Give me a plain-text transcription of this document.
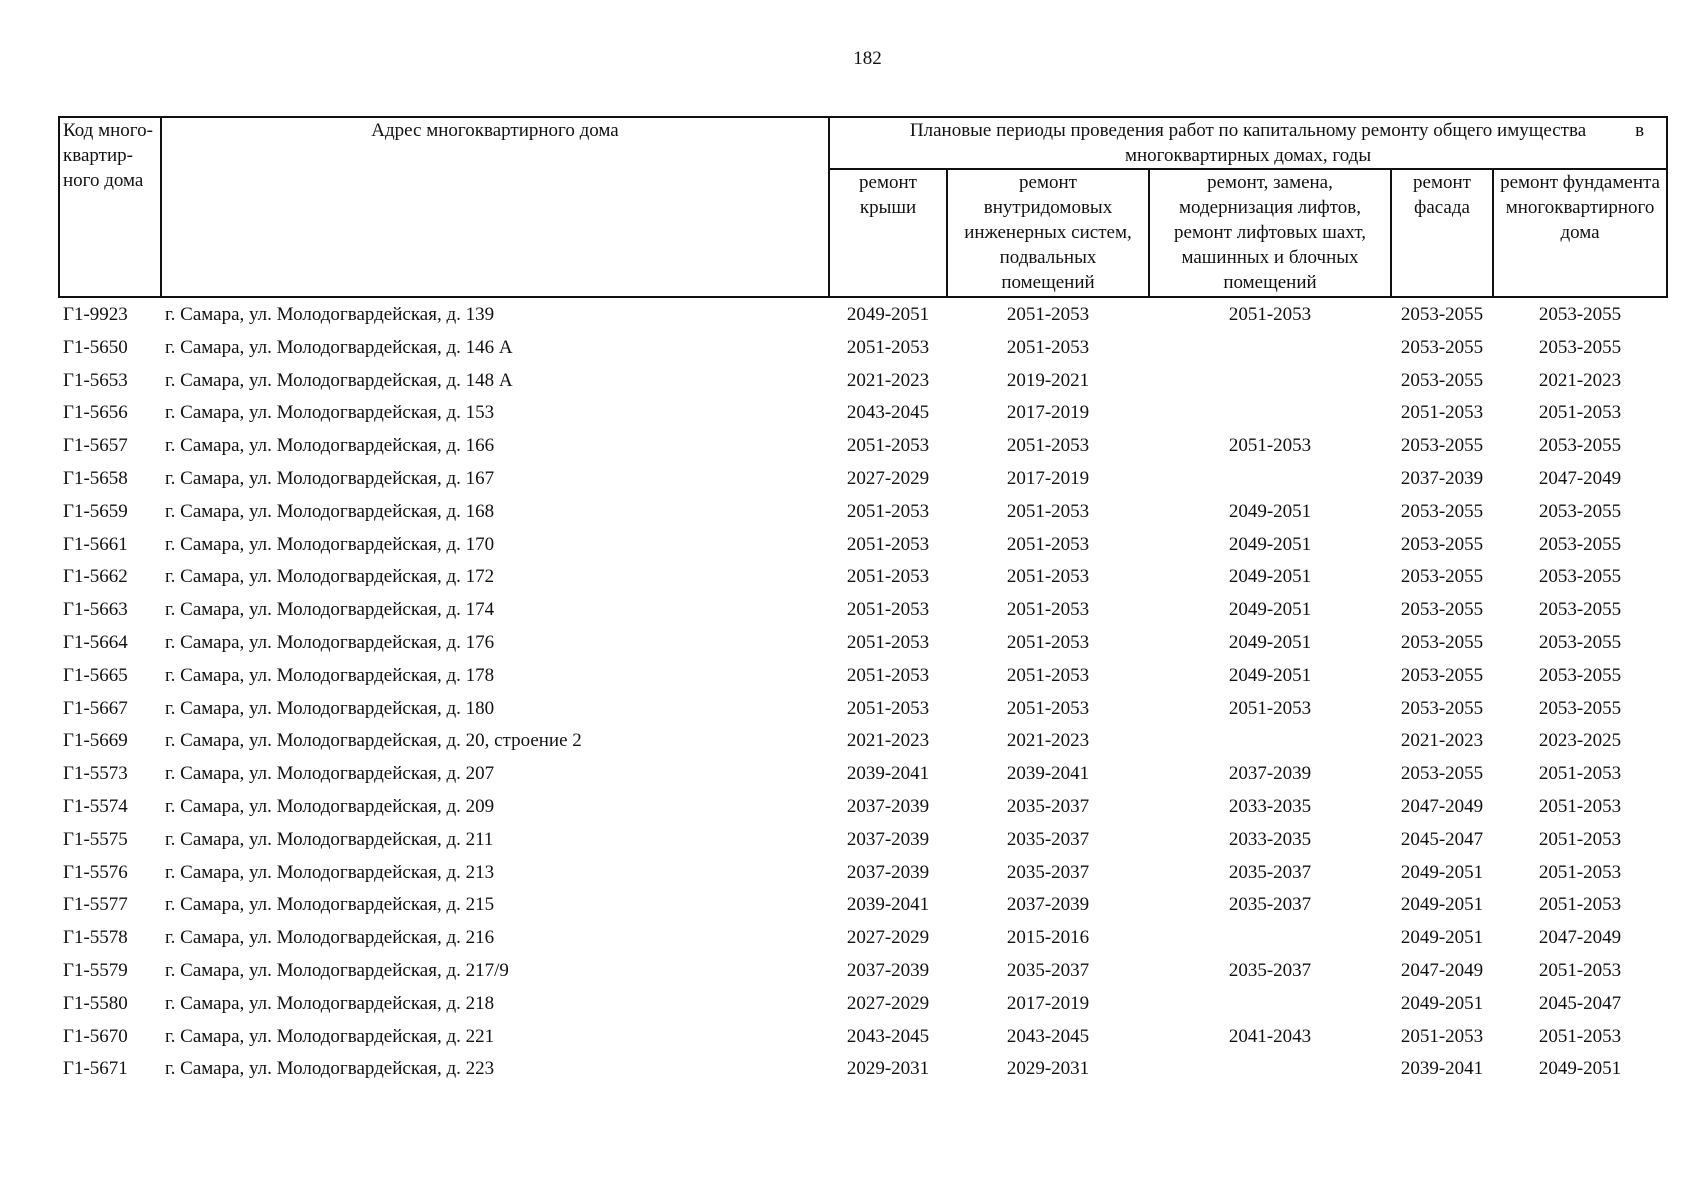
182
Код много-
квартир-
ного дома	Адрес многоквартирного дома	Плановые периоды проведения работ по капитальному ремонту общего имущества в

многоквартирных домах, годы				
		ремонт
крыши	ремонт
внутридомовых
инженерных систем,
подвальных
помещений	ремонт, замена,
модернизация лифтов,
ремонт лифтовых шахт,
машинных и блочных
помещений	ремонт
фасада	ремонт фундамента
многоквартирного
дома
Г1-9923	г. Самара, ул. Молодогвардейская, д. 139	2049-2051	2051-2053	2051-2053	2053-2055	2053-2055
Г1-5650	г. Самара, ул. Молодогвардейская, д. 146 А	2051-2053	2051-2053		2053-2055	2053-2055
Г1-5653	г. Самара, ул. Молодогвардейская, д. 148 А	2021-2023	2019-2021		2053-2055	2021-2023
Г1-5656	г. Самара, ул. Молодогвардейская, д. 153	2043-2045	2017-2019		2051-2053	2051-2053
Г1-5657	г. Самара, ул. Молодогвардейская, д. 166	2051-2053	2051-2053	2051-2053	2053-2055	2053-2055
Г1-5658	г. Самара, ул. Молодогвардейская, д. 167	2027-2029	2017-2019		2037-2039	2047-2049
Г1-5659	г. Самара, ул. Молодогвардейская, д. 168	2051-2053	2051-2053	2049-2051	2053-2055	2053-2055
Г1-5661	г. Самара, ул. Молодогвардейская, д. 170	2051-2053	2051-2053	2049-2051	2053-2055	2053-2055
Г1-5662	г. Самара, ул. Молодогвардейская, д. 172	2051-2053	2051-2053	2049-2051	2053-2055	2053-2055
Г1-5663	г. Самара, ул. Молодогвардейская, д. 174	2051-2053	2051-2053	2049-2051	2053-2055	2053-2055
Г1-5664	г. Самара, ул. Молодогвардейская, д. 176	2051-2053	2051-2053	2049-2051	2053-2055	2053-2055
Г1-5665	г. Самара, ул. Молодогвардейская, д. 178	2051-2053	2051-2053	2049-2051	2053-2055	2053-2055
Г1-5667	г. Самара, ул. Молодогвардейская, д. 180	2051-2053	2051-2053	2051-2053	2053-2055	2053-2055
Г1-5669	г. Самара, ул. Молодогвардейская, д. 20, строение 2	2021-2023	2021-2023		2021-2023	2023-2025
Г1-5573	г. Самара, ул. Молодогвардейская, д. 207	2039-2041	2039-2041	2037-2039	2053-2055	2051-2053
Г1-5574	г. Самара, ул. Молодогвардейская, д. 209	2037-2039	2035-2037	2033-2035	2047-2049	2051-2053
Г1-5575	г. Самара, ул. Молодогвардейская, д. 211	2037-2039	2035-2037	2033-2035	2045-2047	2051-2053
Г1-5576	г. Самара, ул. Молодогвардейская, д. 213	2037-2039	2035-2037	2035-2037	2049-2051	2051-2053
Г1-5577	г. Самара, ул. Молодогвардейская, д. 215	2039-2041	2037-2039	2035-2037	2049-2051	2051-2053
Г1-5578	г. Самара, ул. Молодогвардейская, д. 216	2027-2029	2015-2016		2049-2051	2047-2049
Г1-5579	г. Самара, ул. Молодогвардейская, д. 217/9	2037-2039	2035-2037	2035-2037	2047-2049	2051-2053
Г1-5580	г. Самара, ул. Молодогвардейская, д. 218	2027-2029	2017-2019		2049-2051	2045-2047
Г1-5670	г. Самара, ул. Молодогвардейская, д. 221	2043-2045	2043-2045	2041-2043	2051-2053	2051-2053
Г1-5671	г. Самара, ул. Молодогвардейская, д. 223	2029-2031	2029-2031		2039-2041	2049-2051
